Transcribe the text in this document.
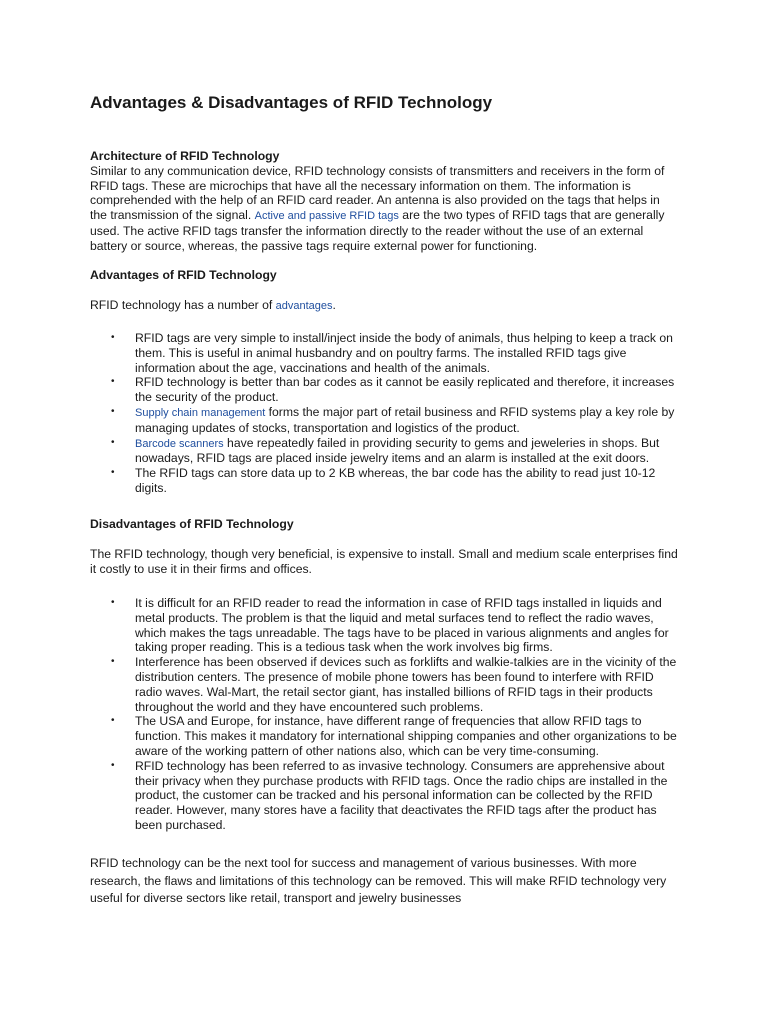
Advantages & Disadvantages of RFID Technology
Architecture of RFID Technology

Similar to any communication device, RFID technology consists of transmitters and receivers in the form of RFID tags. These are microchips that have all the necessary information on them. The information is comprehended with the help of an RFID card reader. An antenna is also provided on the tags that helps in the transmission of the signal. Active and passive RFID tags are the two types of RFID tags that are generally used. The active RFID tags transfer the information directly to the reader without the use of an external battery or source, whereas, the passive tags require external power for functioning.

Advantages of RFID Technology

RFID technology has a number of advantages.

• RFID tags are very simple to install/inject inside the body of animals, thus helping to keep a track on them. This is useful in animal husbandry and on poultry farms. The installed RFID tags give information about the age, vaccinations and health of the animals.
• RFID technology is better than bar codes as it cannot be easily replicated and therefore, it increases the security of the product.
• Supply chain management forms the major part of retail business and RFID systems play a key role by managing updates of stocks, transportation and logistics of the product.
• Barcode scanners have repeatedly failed in providing security to gems and jeweleries in shops. But nowadays, RFID tags are placed inside jewelry items and an alarm is installed at the exit doors.
• The RFID tags can store data up to 2 KB whereas, the bar code has the ability to read just 10-12 digits.
Disadvantages of RFID Technology

The RFID technology, though very beneficial, is expensive to install. Small and medium scale enterprises find it costly to use it in their firms and offices.

• It is difficult for an RFID reader to read the information in case of RFID tags installed in liquids and metal products. The problem is that the liquid and metal surfaces tend to reflect the radio waves, which makes the tags unreadable. The tags have to be placed in various alignments and angles for taking proper reading. This is a tedious task when the work involves big firms.
• Interference has been observed if devices such as forklifts and walkie-talkies are in the vicinity of the distribution centers. The presence of mobile phone towers has been found to interfere with RFID radio waves. Wal-Mart, the retail sector giant, has installed billions of RFID tags in their products throughout the world and they have encountered such problems.
• The USA and Europe, for instance, have different range of frequencies that allow RFID tags to function. This makes it mandatory for international shipping companies and other organizations to be aware of the working pattern of other nations also, which can be very time-consuming.
• RFID technology has been referred to as invasive technology. Consumers are apprehensive about their privacy when they purchase products with RFID tags. Once the radio chips are installed in the product, the customer can be tracked and his personal information can be collected by the RFID reader. However, many stores have a facility that deactivates the RFID tags after the product has been purchased.

RFID technology can be the next tool for success and management of various businesses. With more research, the flaws and limitations of this technology can be removed. This will make RFID technology very useful for diverse sectors like retail, transport and jewelry businesses
